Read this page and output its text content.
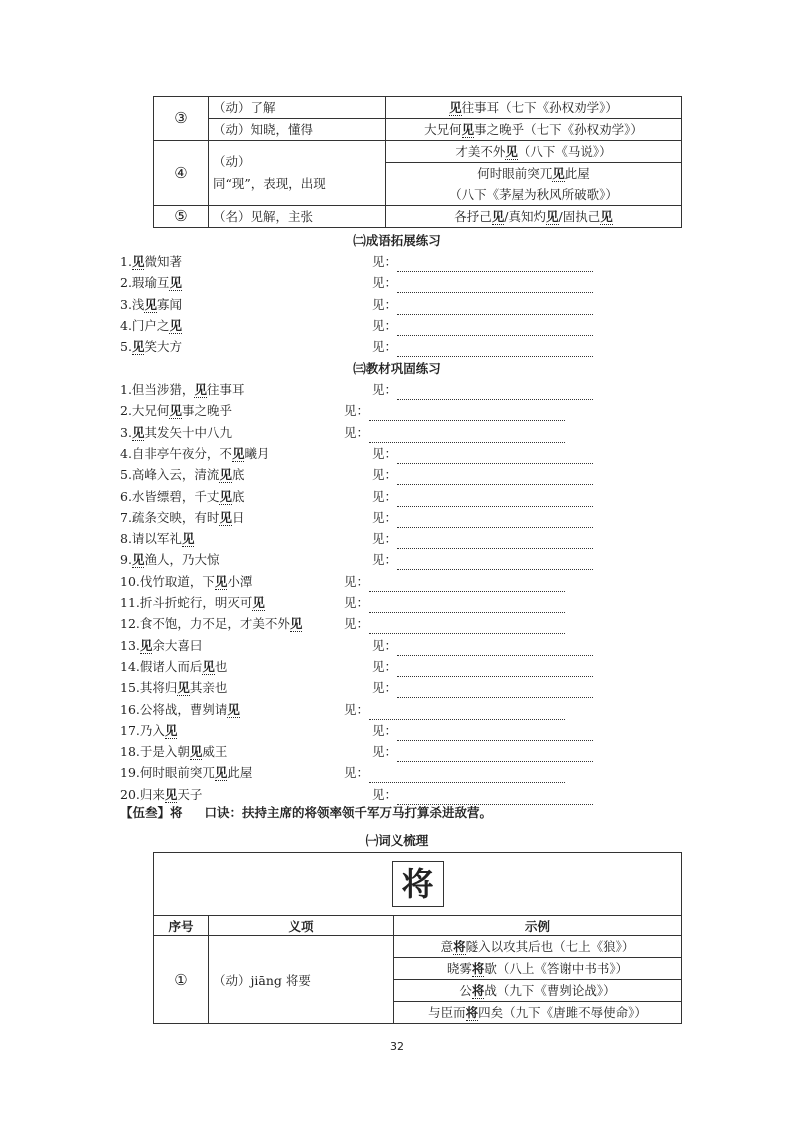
③	（动）了解	见往事耳（七下《孙权劝学》）
	（动）知晓，懂得	大兄何见事之晚乎（七下《孙权劝学》）
④	（动）
同“现”，表现，出现	才美不外见（八下《马说》）
		何时眼前突兀见此屋
		（八下《茅屋为秋风所破歌》）
⑤	（名）见解，主张	各抒己见/真知灼见/固执己见
㈡成语拓展练习
1.见微知著	见：
2.瑕瑜互见	见：
3.浅见寡闻	见：
4.门户之见	见：
5.见笑大方	见：
㈢教材巩固练习
1.但当涉猎，见往事耳	见：
2.大兄何见事之晚乎	见：
3.见其发矢十中八九	见：
4.自非亭午夜分，不见曦月	见：
5.高峰入云，清流见底	见：
6.水皆缥碧，千丈见底	见：
7.疏条交映，有时见日	见：
8.请以军礼见	见：
9.见渔人，乃大惊	见：
10.伐竹取道，下见小潭	见：
11.折斗折蛇行，明灭可见	见：
12.食不饱，力不足，才美不外见	见：
13.见余大喜曰	见：
14.假诸人而后见也	见：
15.其将归见其亲也	见：
16.公将战，曹刿请见	见：
17.乃入见	见：
18.于是入朝见威王	见：
19.何时眼前突兀见此屋	见：
20.归来见天子	见：
【伍叁】将 口诀：扶持主席的将领率领千军万马打算杀进敌营。
㈠词义梳理
将		
序号	义项	示例
①	（动）jiāng 将要	意将隧入以攻其后也（七上《狼》）
		晓雾将歇（八上《答谢中书书》）
		公将战（九下《曹刿论战》）
		与臣而将四矣（九下《唐雎不辱使命》）
32
